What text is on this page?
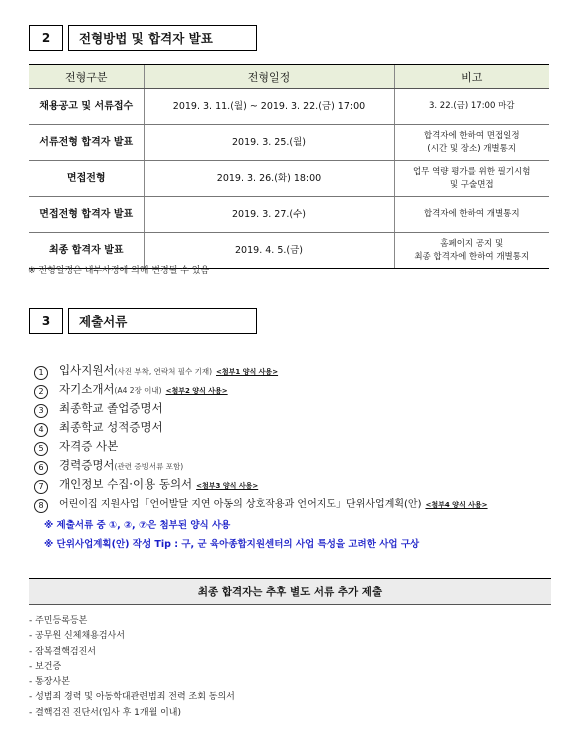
2	전형방법 및 합격자 발표
전형구분	전형일정	비고
채용공고 및 서류접수	2019. 3. 11.(월) ~ 2019. 3. 22.(금) 17:00	3. 22.(금) 17:00 마감

서류전형 합격자 발표	2019. 3. 25.(월)	합격자에 한하여 면접일정
(시간 및 장소) 개별통지

면접전형	2019. 3. 26.(화) 18:00	업무 역량 평가를 위한 필기시험
및 구술면접

면접전형 합격자 발표	2019. 3. 27.(수)	합격자에 한하여 개별통지

최종 합격자 발표	2019. 4. 5.(금)	홈페이지 공지 및
최종 합격자에 한하여 개별통지
※ 전형일정은 내부사정에 의해 변경될 수 있음
3	제출서류
1	입사지원서 (사진 부착, 연락처 필수 기재) <첨부1 양식 사용>
2	자기소개서 (A4 2장 이내) <첨부2 양식 사용>
3	최종학교 졸업증명서
4	최종학교 성적증명서
5	자격증 사본
6	경력증명서 (관련 증빙서류 포함)
7	개인정보 수집·이용 동의서 <첨부3 양식 사용>
8	어린이집 지원사업「언어발달 지연 아동의 상호작용과 언어지도」단위사업계획(안) <첨부4 양식 사용>
※ 제출서류 중 ①, ②, ⑦은 첨부된 양식 사용
※ 단위사업계획(안) 작성 Tip : 구, 군 육아종합지원센터의 사업 특성을 고려한 사업 구상
최종 합격자는 추후 별도 서류 추가 제출
- 주민등록등본
- 공무원 신체채용검사서
- 잠복결핵검진서
- 보건증
- 통장사본
- 성범죄 경력 및 아동학대관련범죄 전력 조회 동의서
- 결핵검진 진단서(입사 후 1개월 이내)
